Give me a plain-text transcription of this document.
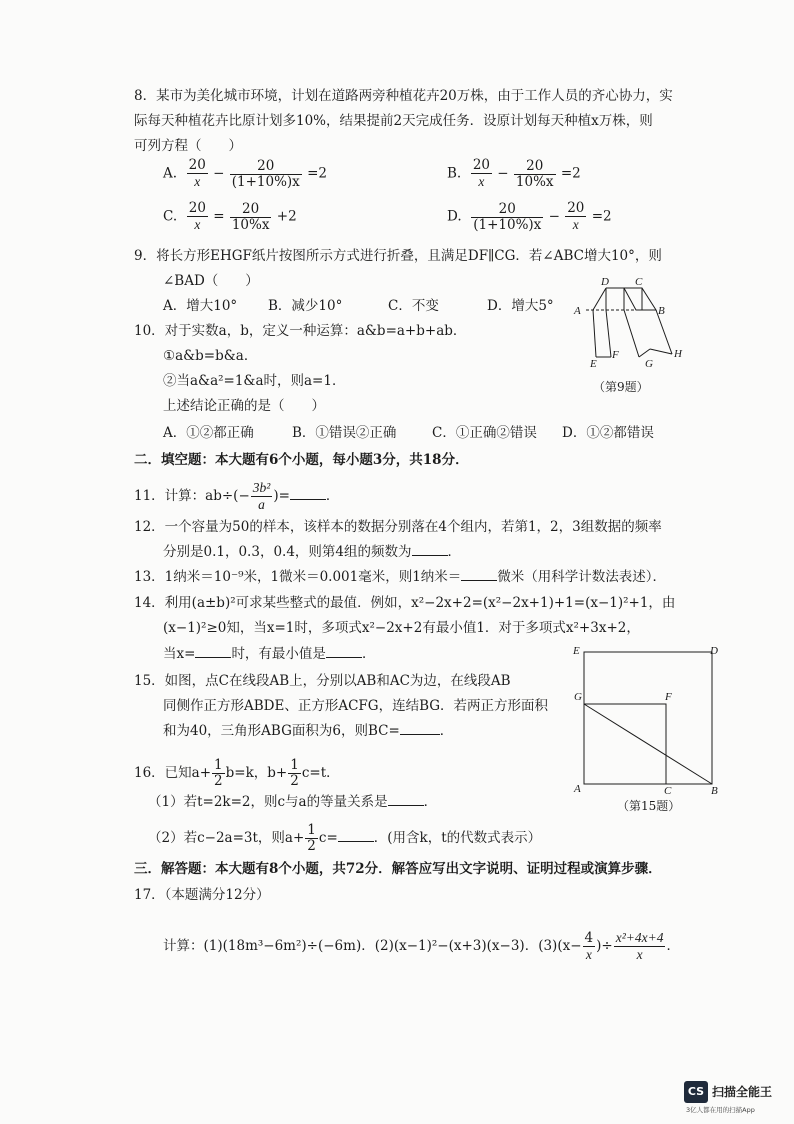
8．某市为美化城市环境，计划在道路两旁种植花卉20万株，由于工作人员的齐心协力，实
际每天种植花卉比原计划多10%，结果提前2天完成任务．设原计划每天种植x万株，则
可列方程（　　）
A. $\frac{20}{x} - \frac{20}{(1+10\%)x} =2$	B. $\frac{20}{x} - \frac{20}{10\%x} =2$
C. $\frac{20}{x} = \frac{20}{10\%x} +2$	D. $\frac{20}{(1+10\%)x} - \frac{20}{x} =2$
9．将长方形EHGF纸片按图所示方式进行折叠，且满足DF∥CG．若∠ABC增大10°，则
∠BAD（　　）
A．增大10° B．减少10°	C．不变	D．增大5°
D C
A	B
F
E	G
H
（第9题）
10．对于实数a，b，定义一种运算：a&b=a+b+ab．
①a&b=b&a．
②当a&a²=1&a时，则a=1．
上述结论正确的是（　　）
A．①②都正确	B．①错误②正确	C．①正确②错误 D．①②都错误
二．填空题：本大题有6个小题，每小题3分，共18分．
11．计算：$ab\div(- \frac{\text{3b²}}{a}$ )=	．
12．一个容量为50的样本，该样本的数据分别落在4个组内，若第1，2，3组数据的频率
分别是0.1，0.3，0.4，则第4组的频数为	．
13．1纳米＝10⁻⁹米，1微米＝0.001毫米，则1纳米＝	微米（用科学计数法表述）．
14．利用(a±b)²可求某些整式的最值．例如，x²−2x+2=(x²−2x+1)+1=(x−1)²+1，由
(x−1)²≥0知，当x=1时，多项式x²−2x+2有最小值1．对于多项式x²+3x+2，
当x=	时，有最小值是	．
15．如图，点C在线段AB上，分别以AB和AC为边，在线段AB
同侧作正方形ABDE、正方形ACFG，连结BG．若两正方形面积
和为40，三角形ABG面积为6，则BC=	．
E	D
G	F
A	C	B
（第15题）
16．已知$a+ \frac{1}{2} b=k$，$b+ \frac{1}{2} c=t$．
（1）若t=2k=2，则c与a的等量关系是	．
（2）若c−2a=3t，则$a+ \frac{1}{2} c=$	．(用含k，t的代数式表示）
三．解答题：本大题有8个小题，共72分．解答应写出文字说明、证明过程或演算步骤．
17．（本题满分12分）
计算：(1)(18m³−6m²)÷(−6m)．(2)(x−1)²−(x+3)(x−3)．$(3)(x- \frac{4}{x}$ )÷ $\frac{\text{x²+4x+4}}{x}$ ．
CS 扫描全能王
3亿人都在用的扫描App
